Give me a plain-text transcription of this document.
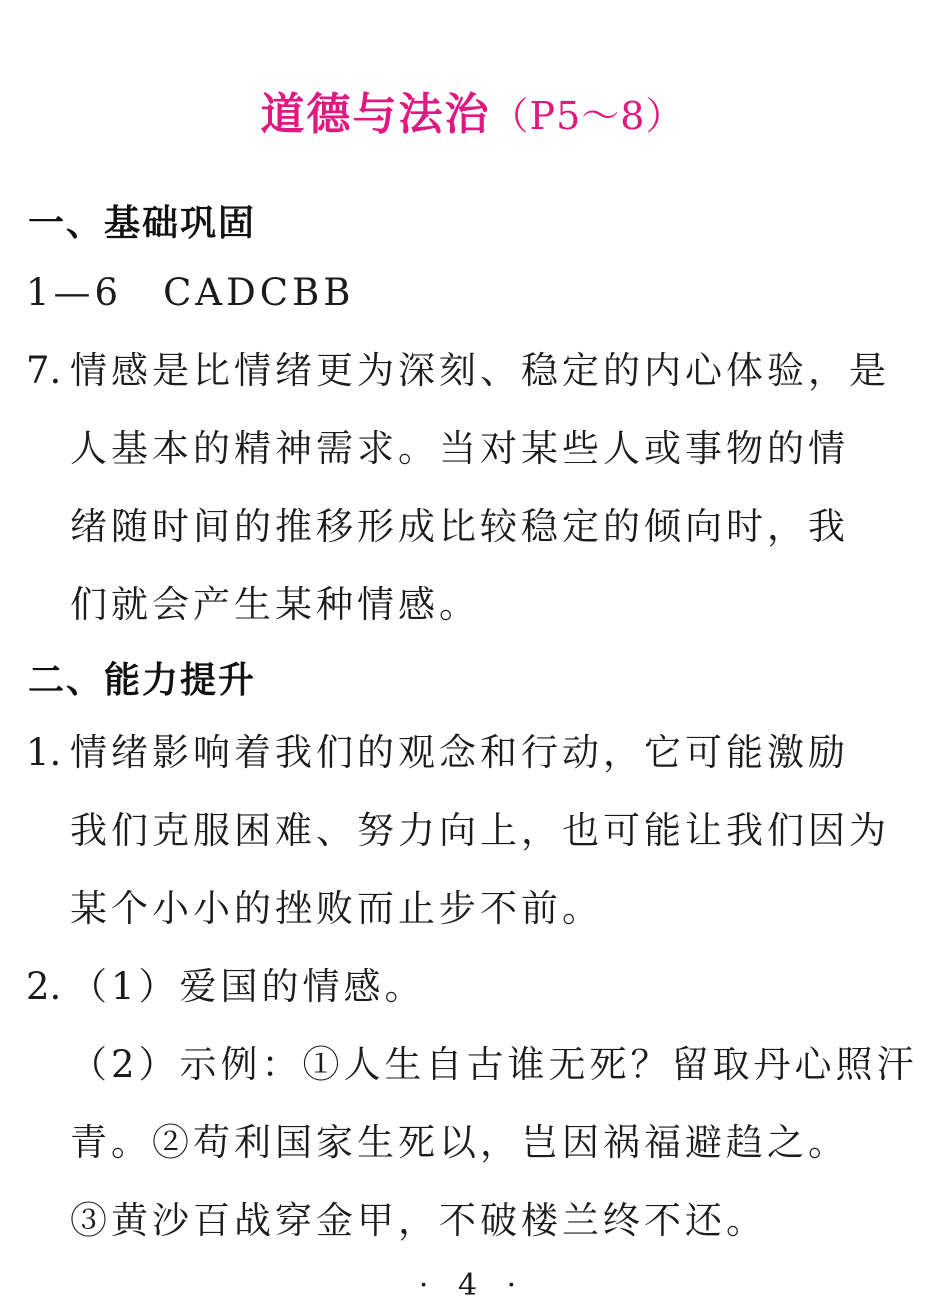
道德与法治（P5～8）
一、基础巩固
1—6　CADCBB
7. 情感是比情绪更为深刻、稳定的内心体验，是
人基本的精神需求。当对某些人或事物的情
绪随时间的推移形成比较稳定的倾向时，我
们就会产生某种情感。
二、能力提升
1. 情绪影响着我们的观念和行动，它可能激励
我们克服困难、努力向上，也可能让我们因为
某个小小的挫败而止步不前。
2. （1）爱国的情感。
（2）示例：①人生自古谁无死？留取丹心照汗
青。②苟利国家生死以，岂因祸福避趋之。
③黄沙百战穿金甲，不破楼兰终不还。
· 4 ·
